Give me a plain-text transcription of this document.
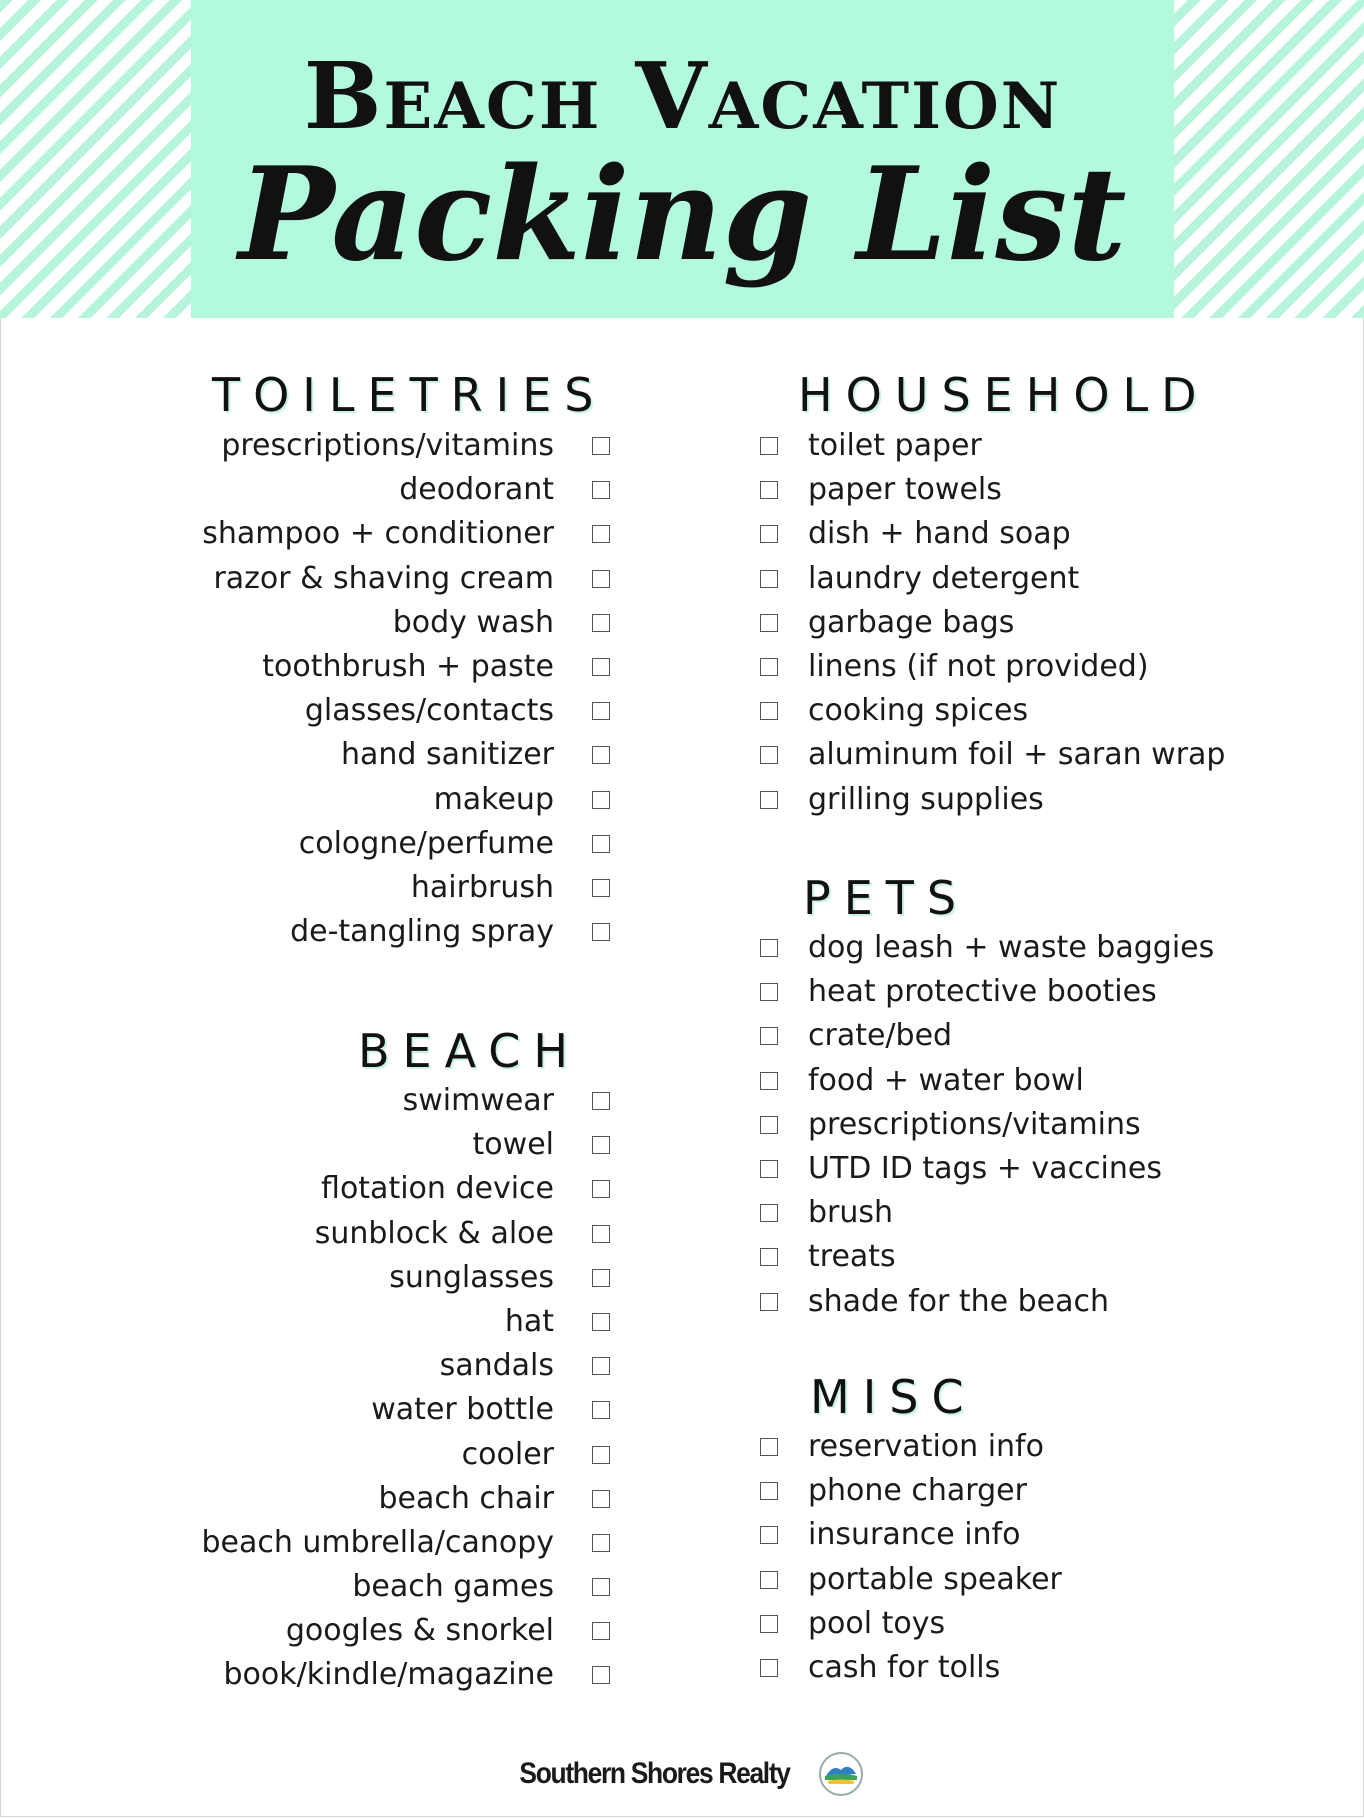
Beach Vacation
Packing List
TOILETRIES
prescriptions/vitamins
deodorant
shampoo + conditioner
razor & shaving cream
body wash
toothbrush + paste
glasses/contacts
hand sanitizer
makeup
cologne/perfume
hairbrush
de-tangling spray
BEACH
swimwear
towel
flotation device
sunblock & aloe
sunglasses
hat
sandals
water bottle
cooler
beach chair
beach umbrella/canopy
beach games
googles & snorkel
book/kindle/magazine
HOUSEHOLD
toilet paper
paper towels
dish + hand soap
laundry detergent
garbage bags
linens (if not provided)
cooking spices
aluminum foil + saran wrap
grilling supplies
PETS
dog leash + waste baggies
heat protective booties
crate/bed
food + water bowl
prescriptions/vitamins
UTD ID tags + vaccines
brush
treats
shade for the beach
MISC
reservation info
phone charger
insurance info
portable speaker
pool toys
cash for tolls
Southern Shores Realty
